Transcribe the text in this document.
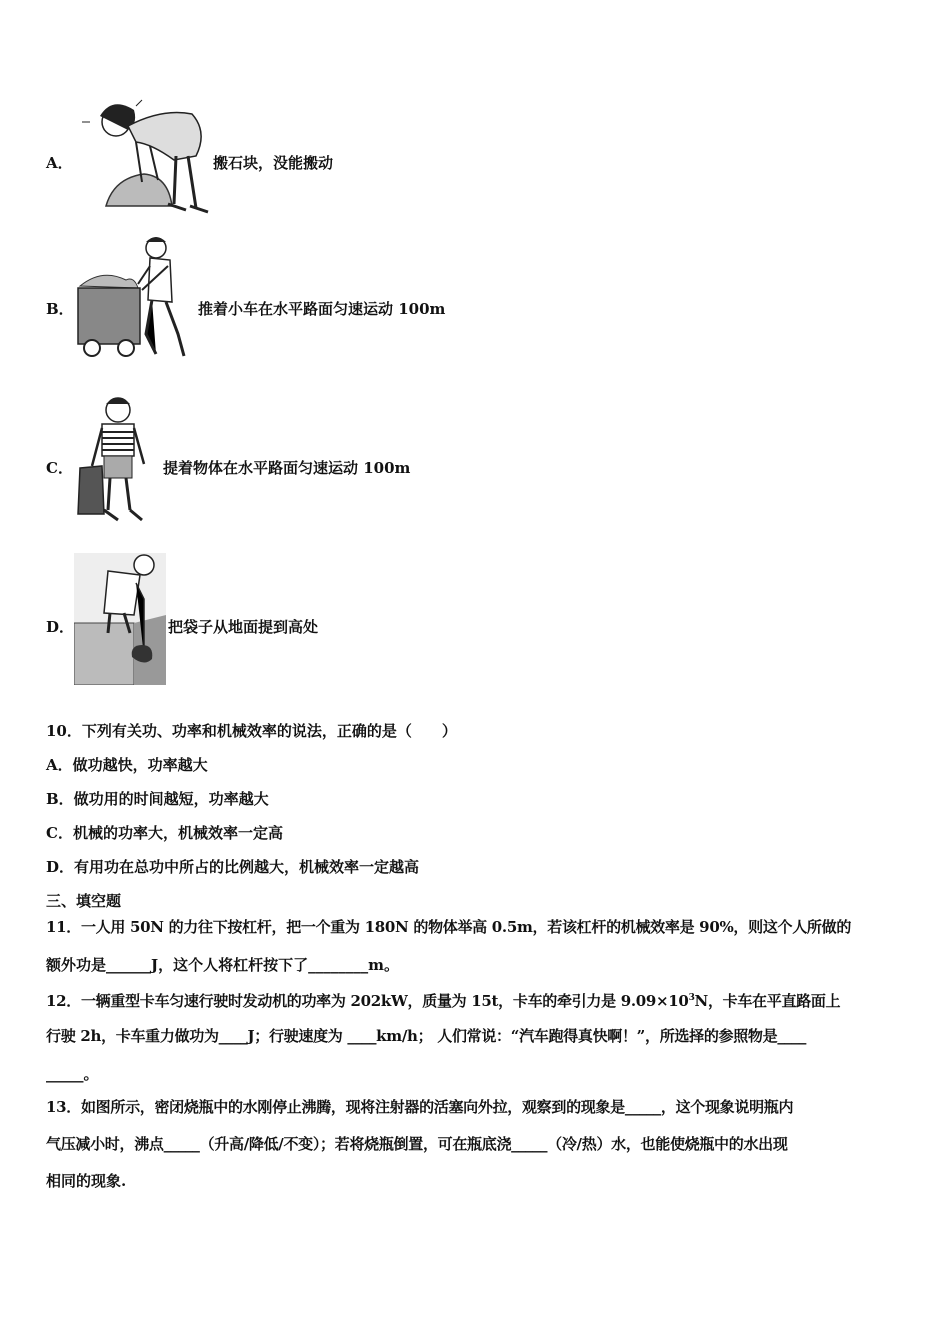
A．	搬石块，没能搬动
B．	推着小车在水平路面匀速运动 100m
C．	提着物体在水平路面匀速运动 100m
D．	把袋子从地面提到高处
10．下列有关功、功率和机械效率的说法，正确的是（　　）
A．做功越快，功率越大
B．做功用的时间越短，功率越大
C．机械的功率大，机械效率一定高
D．有用功在总功中所占的比例越大，机械效率一定越高
三、填空题
11．一人用 50N 的力往下按杠杆，把一个重为 180N 的物体举高 0.5m，若该杠杆的机械效率是 90%，则这个人所做的
额外功是______J，这个人将杠杆按下了________m。
12．一辆重型卡车匀速行驶时发动机的功率为 202kW，质量为 15t，卡车的牵引力是 $9.09\times 10^3N$，卡车在平直路面上
行驶 2h，卡车重力做功为____J；行驶速度为 ____km/h； 人们常说：“汽车跑得真快啊！”，所选择的参照物是____
_____。
13．如图所示，密闭烧瓶中的水刚停止沸腾，现将注射器的活塞向外拉，观察到的现象是_____，这个现象说明瓶内
气压减小时，沸点_____（升高/降低/不变）；若将烧瓶倒置，可在瓶底浇_____（冷/热）水，也能使烧瓶中的水出现
相同的现象.
